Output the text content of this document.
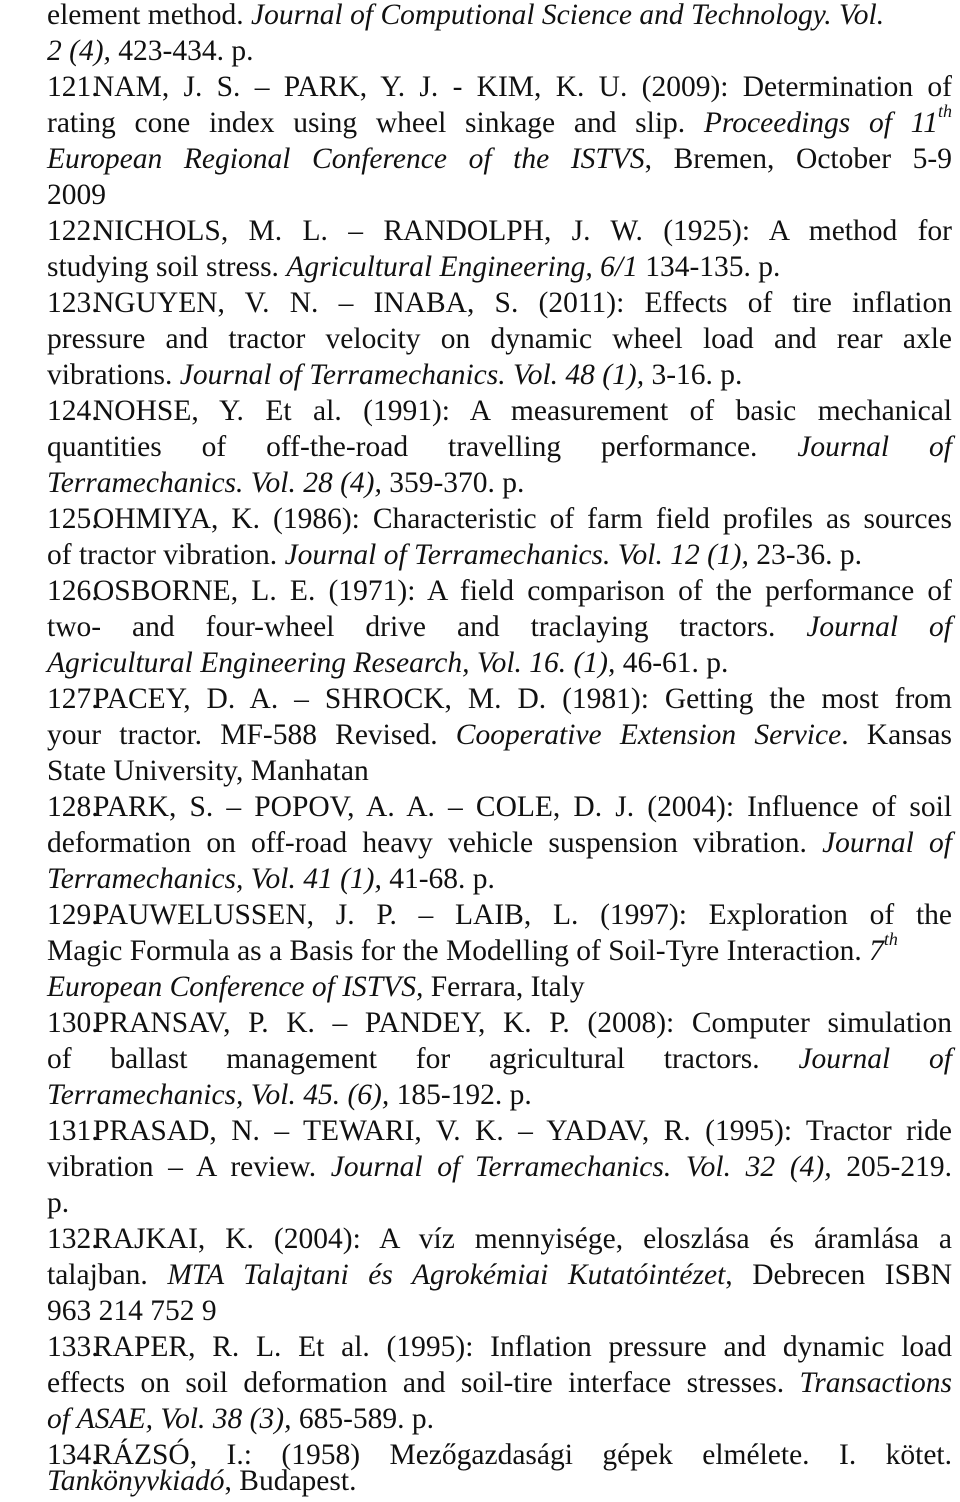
element method. Journal of Computional Science and Technology. Vol.
2 (4), 423-434. p.
121.
NAM, J. S. – PARK, Y. J. - KIM, K. U. (2009): Determination of
rating cone index using wheel sinkage and slip. Proceedings of 11th
European Regional Conference of the ISTVS, Bremen, October 5-9
2009
122.
NICHOLS, M. L. – RANDOLPH, J. W. (1925): A method for
studying soil stress. Agricultural Engineering, 6/1 134-135. p.
123.
NGUYEN, V. N. – INABA, S. (2011): Effects of tire inflation
pressure and tractor velocity on dynamic wheel load and rear axle
vibrations. Journal of Terramechanics. Vol. 48 (1), 3-16. p.
124.
NOHSE, Y. Et al. (1991): A measurement of basic mechanical
quantities of off-the-road travelling performance. Journal of
Terramechanics. Vol. 28 (4), 359-370. p.
125.
OHMIYA, K. (1986): Characteristic of farm field profiles as sources
of tractor vibration. Journal of Terramechanics. Vol. 12 (1), 23-36. p.
126.
OSBORNE, L. E. (1971): A field comparison of the performance of
two- and four-wheel drive and traclaying tractors. Journal of
Agricultural Engineering Research, Vol. 16. (1), 46-61. p.
127.
PACEY, D. A. – SHROCK, M. D. (1981): Getting the most from
your tractor. MF-588 Revised. Cooperative Extension Service. Kansas
State University, Manhatan
128.
PARK, S. – POPOV, A. A. – COLE, D. J. (2004): Influence of soil
deformation on off-road heavy vehicle suspension vibration. Journal of
Terramechanics, Vol. 41 (1), 41-68. p.
129.
PAUWELUSSEN, J. P. – LAIB, L. (1997): Exploration of the
Magic Formula as a Basis for the Modelling of Soil-Tyre Interaction. 7th
European Conference of ISTVS, Ferrara, Italy
130.
PRANSAV, P. K. – PANDEY, K. P. (2008): Computer simulation
of ballast management for agricultural tractors. Journal of
Terramechanics, Vol. 45. (6), 185-192. p.
131.
PRASAD, N. – TEWARI, V. K. – YADAV, R. (1995): Tractor ride
vibration – A review. Journal of Terramechanics. Vol. 32 (4), 205-219.
p.
132.
RAJKAI, K. (2004): A víz mennyisége, eloszlása és áramlása a
talajban. MTA Talajtani és Agrokémiai Kutatóintézet, Debrecen ISBN
963 214 752 9
133.
RAPER, R. L. Et al. (1995): Inflation pressure and dynamic load
effects on soil deformation and soil-tire interface stresses. Transactions
of ASAE, Vol. 38 (3), 685-589. p.
134.
RÁZSÓ, I.: (1958) Mezőgazdasági gépek elmélete. I. kötet.
Tankönyvkiadó, Budapest.
